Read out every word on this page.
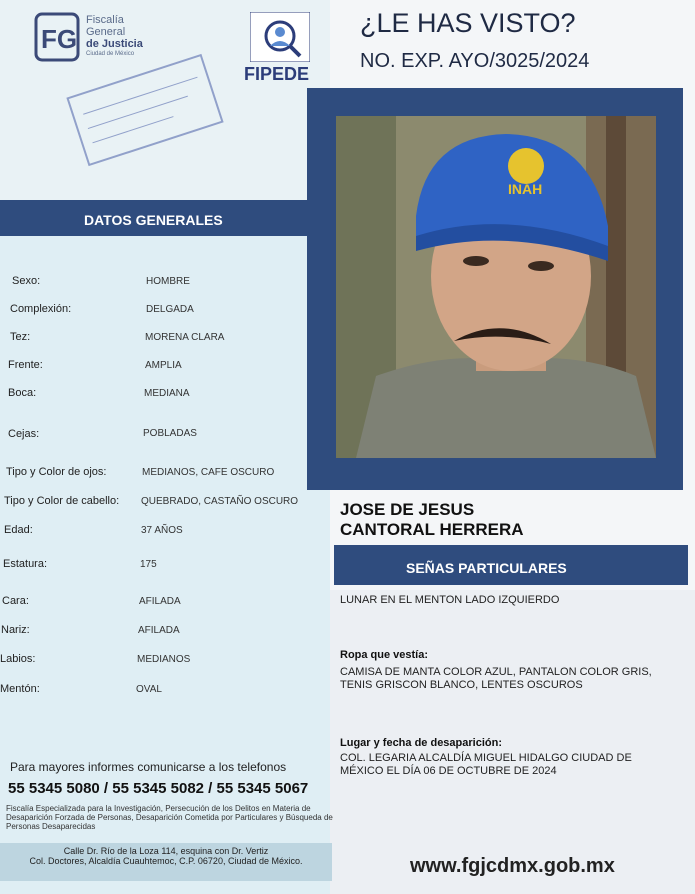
FG
Fiscalía
General
de Justicia
Ciudad de México
FIPEDE
¿LE HAS VISTO?
NO. EXP. AYO/3025/2024
INAH
DATOS GENERALES
Sexo:	HOMBRE
Complexión:	DELGADA
Tez:	MORENA CLARA
Frente:	AMPLIA
Boca:	MEDIANA
Cejas:	POBLADAS
Tipo y Color de ojos:	MEDIANOS, CAFE OSCURO
Tipo y Color de cabello: QUEBRADO, CASTAÑO OSCURO
Edad:	37 AÑOS
Estatura:	175
Cara:	AFILADA
Nariz:	AFILADA
Labios:	MEDIANOS
Mentón:	OVAL
JOSE DE JESUS
CANTORAL HERRERA
SEÑAS PARTICULARES
LUNAR EN EL MENTON LADO IZQUIERDO
Ropa que vestía:
CAMISA DE MANTA COLOR AZUL, PANTALON COLOR GRIS,
TENIS GRISCON BLANCO, LENTES OSCUROS
Lugar y fecha de desaparición:
COL. LEGARIA ALCALDÍA MIGUEL HIDALGO CIUDAD DE
MÉXICO EL DÍA 06 DE OCTUBRE DE 2024
Para mayores informes comunicarse a los telefonos
55 5345 5080 / 55 5345 5082 / 55 5345 5067
Fiscalía Especializada para la Investigación, Persecución de los Delitos en Materia de Desaparición Forzada de Personas, Desaparición Cometida por Particulares y Búsqueda de Personas Desaparecidas
Calle Dr. Río de la Loza 114, esquina con Dr. Vertiz
Col. Doctores, Alcaldía Cuauhtemoc, C.P. 06720, Ciudad de México.	www.fgjcdmx.gob.mx
